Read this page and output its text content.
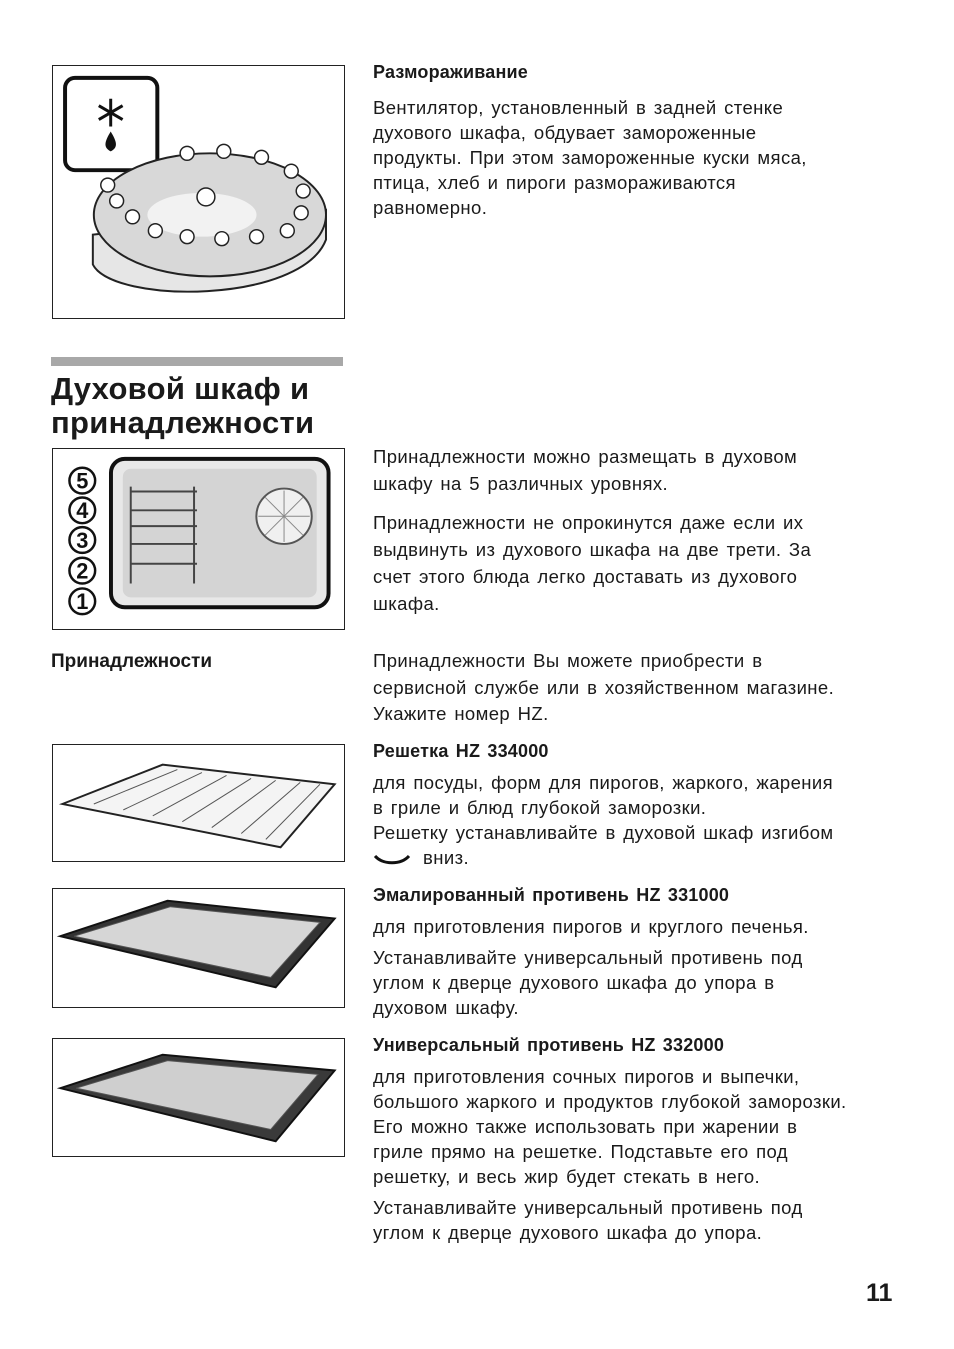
Размораживание

Вентилятор, установленный в задней стенке

духового шкафа, обдувает замороженные

продукты. При этом замороженные куски мяса,

птица, хлеб и пироги размораживаются

равномерно.

Духовой шкаф и
принадлежности
5
4
3
2
1

Принадлежности можно размещать в духовом

шкафу на 5 различных уровнях.

Принадлежности не опрокинутся даже если их

выдвинуть из духового шкафа на две трети. За

счет этого блюда легко доставать из духового

шкафа.

Принадлежности	Принадлежности Вы можете приобрести в

сервисной службе или в хозяйственном магазине.

Укажите номер HZ.

Решетка HZ 334000

для посуды, форм для пирогов, жаркого, жарения

в гриле и блюд глубокой заморозки.

Решетку устанавливайте в духовой шкаф изгибом

вниз.

Эмалированный противень HZ 331000

для приготовления пирогов и круглого печенья.

Устанавливайте универсальный противень под

углом к дверце духового шкафа до упора в

духовом шкафу.

Универсальный противень HZ 332000

для приготовления сочных пирогов и выпечки,

большого жаркого и продуктов глубокой заморозки.

Его можно также использовать при жарении в

гриле прямо на решетке. Подставьте его под

решетку, и весь жир будет стекать в него.

Устанавливайте универсальный противень под

углом к дверце духового шкафа до упора.

11
